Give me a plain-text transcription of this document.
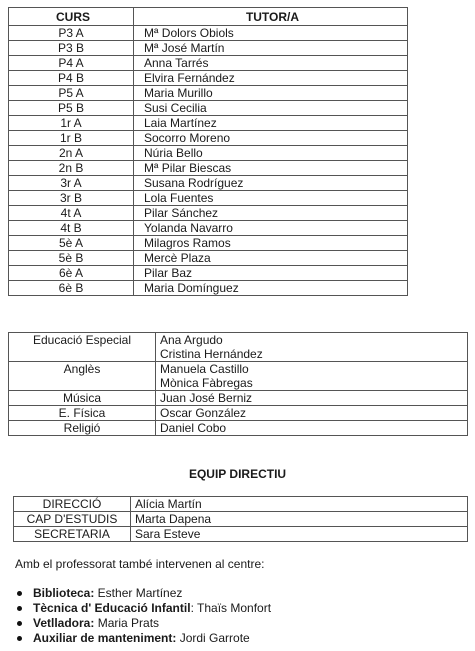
CURS	TUTOR/A
P3 A	Mª Dolors Obiols
P3 B	Mª José Martín
P4 A	Anna Tarrés
P4 B	Elvira Fernández
P5 A	Maria Murillo
P5 B	Susi Cecilia
1r A	Laia Martínez
1r B	Socorro Moreno
2n A	Núria Bello
2n B	Mª Pilar Biescas
3r A	Susana Rodríguez
3r B	Lola Fuentes
4t A	Pilar Sánchez
4t B	Yolanda Navarro
5è A	Milagros Ramos
5è B	Mercè Plaza
6è A	Pilar Baz
6è B	Maria Domínguez
Educació Especial	Ana Argudo
Cristina Hernández

Anglès	Manuela Castillo
Mònica Fàbregas

Música	Juan José Berniz

E. Física	Oscar González

Religió	Daniel Cobo
EQUIP DIRECTIU
DIRECCIÓ	Alícia Martín
CAP D'ESTUDIS	Marta Dapena
SECRETARIA	Sara Esteve
Amb el professorat també intervenen al centre:
Biblioteca: Esther Martínez
Tècnica d' Educació Infantil: Thaïs Monfort
Vetlladora: Maria Prats
Auxiliar de manteniment: Jordi Garrote
